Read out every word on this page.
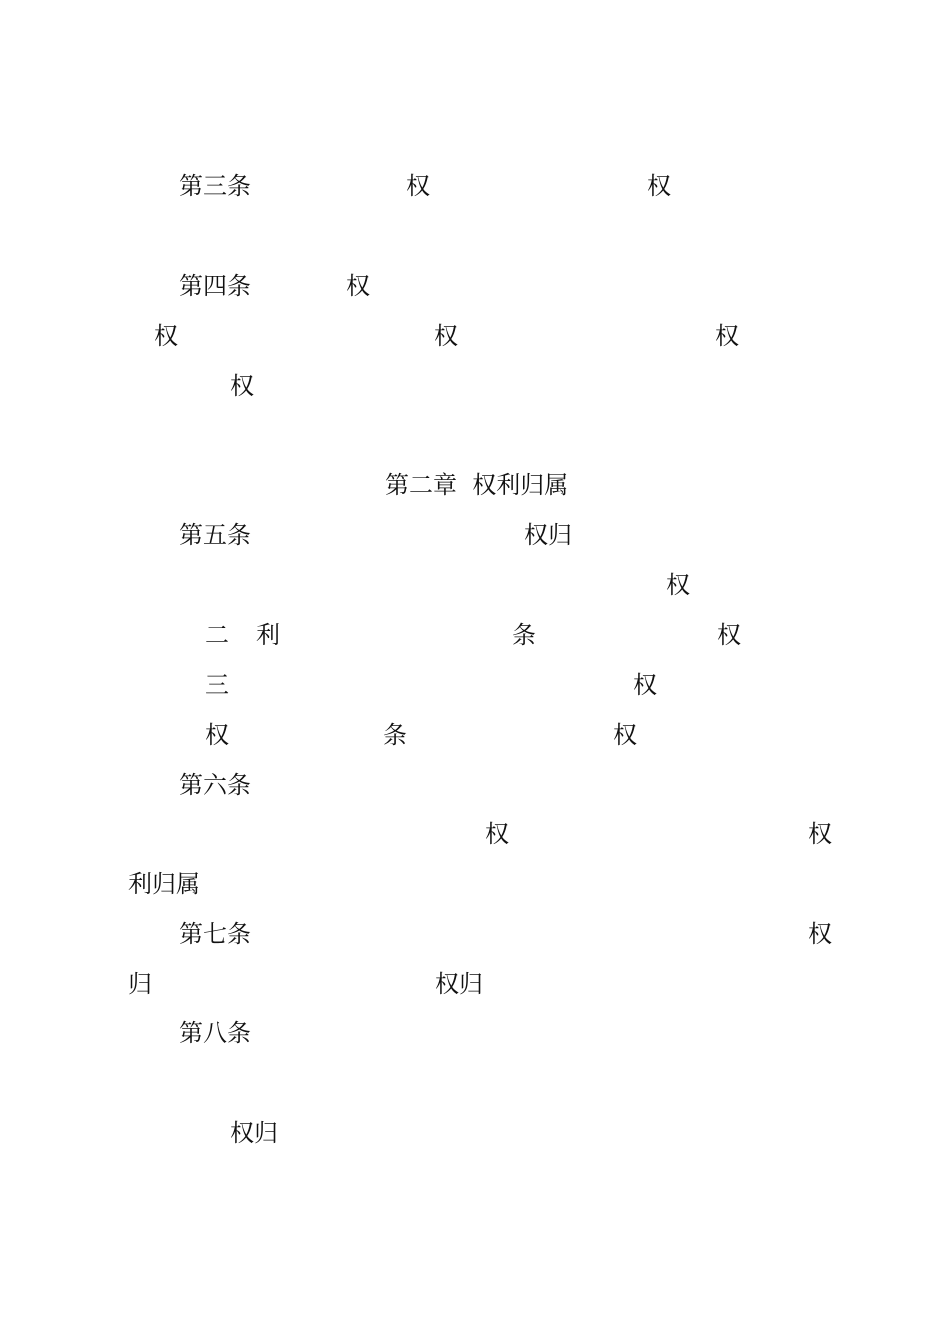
第三条	权	权
第四条	权
权	权	权
权
第二章  权利归属
第五条	权归
权
二 利	条	权
三	权
权	条	权
第六条
权	权
利归属
第七条	权
归	权归
第八条
权归
